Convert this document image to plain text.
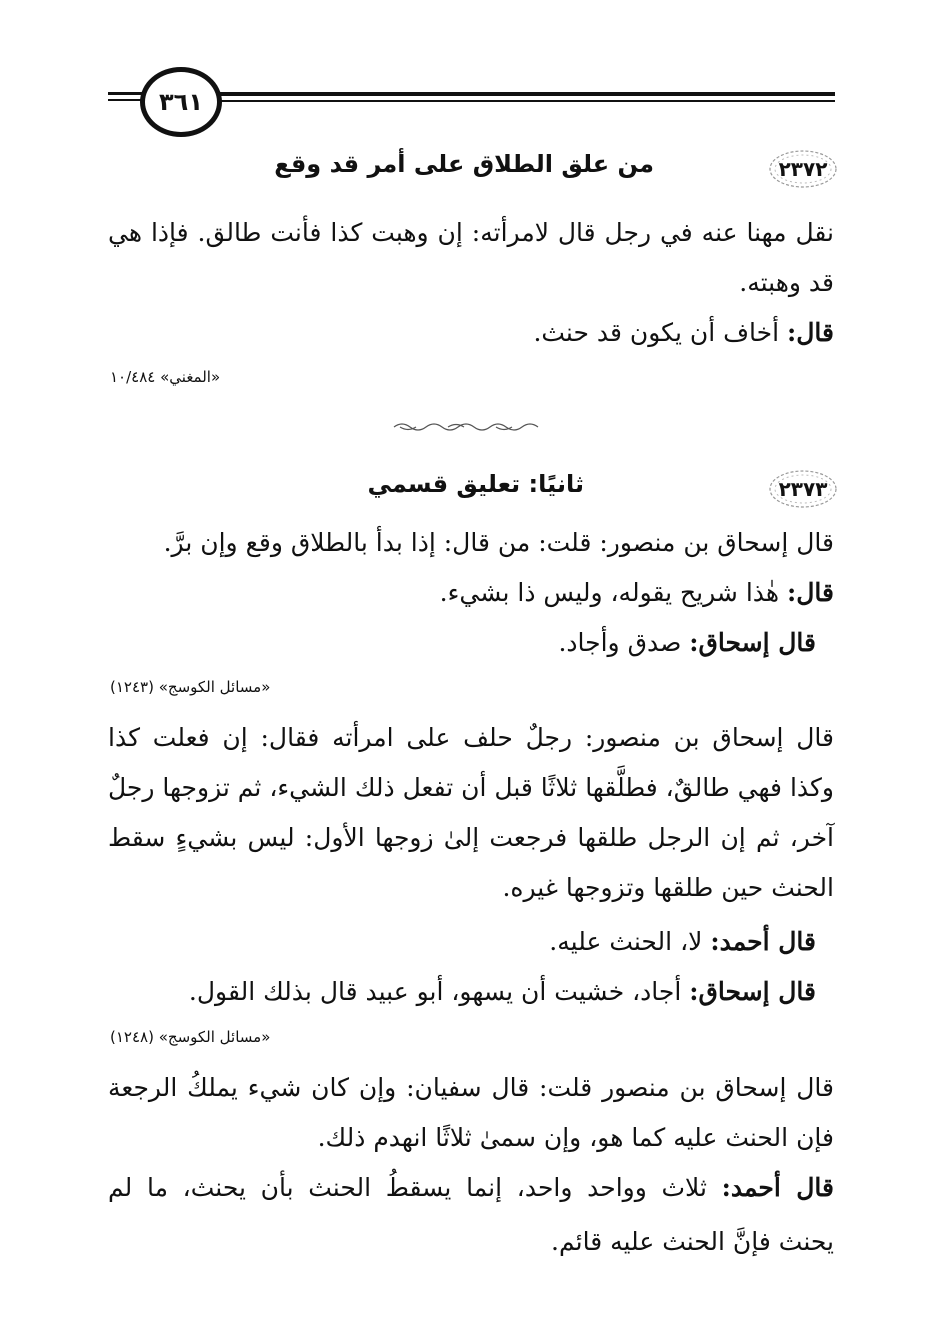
٣٦١
٢٣٧٢
من علق الطلاق على أمر قد وقع
نقل مهنا عنه في رجل قال لامرأته: إن وهبت كذا فأنت طالق. فإذا هي
قد وهبته.
قال: أخاف أن يكون قد حنث.
«المغني» ١٠/٤٨٤
٢٣٧٣
ثانيًا: تعليق قسمي
قال إسحاق بن منصور: قلت: من قال: إذا بدأ بالطلاق وقع وإن برَّ.
قال: هٰذا شريح يقوله، وليس ذا بشيء.
قال إسحاق: صدق وأجاد.
«مسائل الكوسج» (١٢٤٣)
قال إسحاق بن منصور: رجلٌ حلف على امرأته فقال: إن فعلت كذا
وكذا فهي طالقٌ، فطلَّقها ثلاثًا قبل أن تفعل ذلك الشيء، ثم تزوجها رجلٌ
آخر، ثم إن الرجل طلقها فرجعت إلىٰ زوجها الأول: ليس بشيءٍ سقط
الحنث حين طلقها وتزوجها غيره.
قال أحمد: لا، الحنث عليه.
قال إسحاق: أجاد، خشيت أن يسهو، أبو عبيد قال بذلك القول.
«مسائل الكوسج» (١٢٤٨)
قال إسحاق بن منصور قلت: قال سفيان: وإن كان شيء يملكُ الرجعة
فإن الحنث عليه كما هو، وإن سمىٰ ثلاثًا انهدم ذلك.
قال أحمد: ثلاث وواحد واحد، إنما يسقطُ الحنث بأن يحنث، ما لم
يحنث فإنَّ الحنث عليه قائم.
